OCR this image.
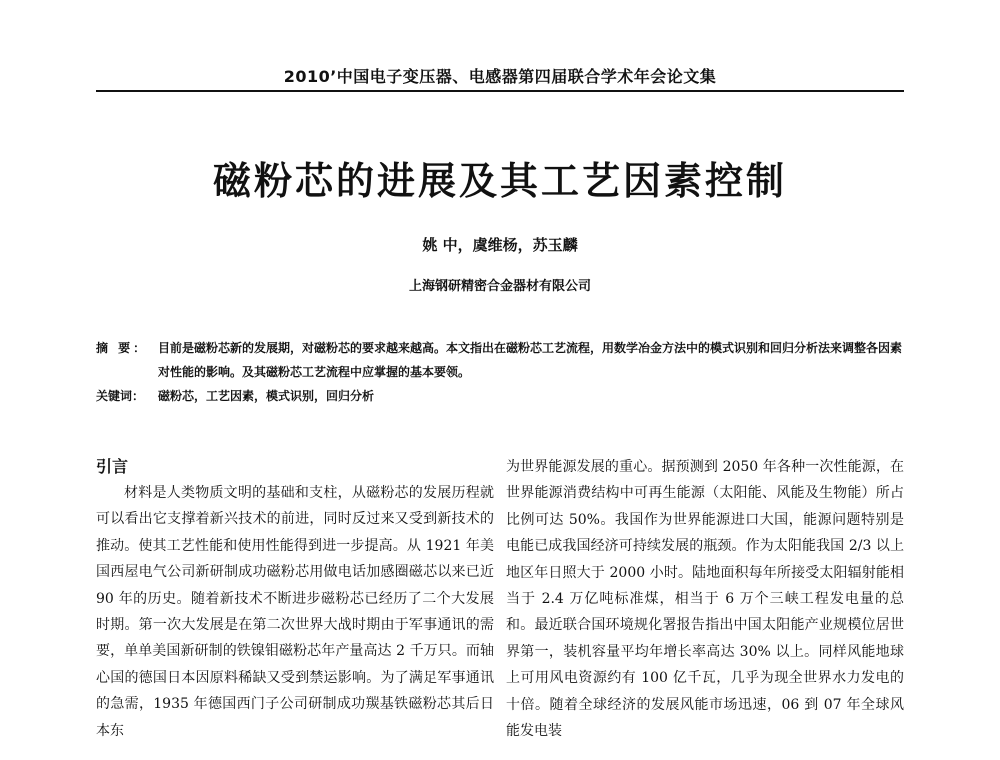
2010’中国电子变压器、电感器第四届联合学术年会论文集
磁粉芯的进展及其工艺因素控制
姚 中，虞维杨，苏玉麟
上海钢研精密合金器材有限公司
摘 要： 目前是磁粉芯新的发展期，对磁粉芯的要求越来越高。本文指出在磁粉芯工艺流程，用数学冶金方法中的模式识别和回归分析法来调整各因素对性能的影响。及其磁粉芯工艺流程中应掌握的基本要领。
关键词：	磁粉芯，工艺因素，模式识别，回归分析
引言

材料是人类物质文明的基础和支柱，从磁粉芯的发展历程就可以看出它支撑着新兴技术的前进，同时反过来又受到新技术的推动。使其工艺性能和使用性能得到进一步提高。从 1921 年美国西屋电气公司新研制成功磁粉芯用做电话加感圈磁芯以来已近 90 年的历史。随着新技术不断进步磁粉芯已经历了二个大发展时期。第一次大发展是在第二次世界大战时期由于军事通讯的需要，单单美国新研制的铁镍钼磁粉芯年产量高达 2 千万只。而轴心国的德国日本因原料稀缺又受到禁运影响。为了满足军事通讯的急需，1935 年德国西门子公司研制成功羰基铁磁粉芯其后日本东

为世界能源发展的重心。据预测到 2050 年各种一次性能源，在世界能源消费结构中可再生能源（太阳能、风能及生物能）所占比例可达 50%。我国作为世界能源进口大国，能源问题特别是电能已成我国经济可持续发展的瓶颈。作为太阳能我国 2/3 以上地区年日照大于 2000 小时。陆地面积每年所接受太阳辐射能相当于 2.4 万亿吨标准煤，相当于 6 万个三峡工程发电量的总和。最近联合国环境规化署报告指出中国太阳能产业规模位居世界第一，装机容量平均年增长率高达 30% 以上。同样风能地球上可用风电资源约有 100 亿千瓦，几乎为现全世界水力发电的十倍。随着全球经济的发展风能市场迅速，06 到 07 年全球风能发电装
